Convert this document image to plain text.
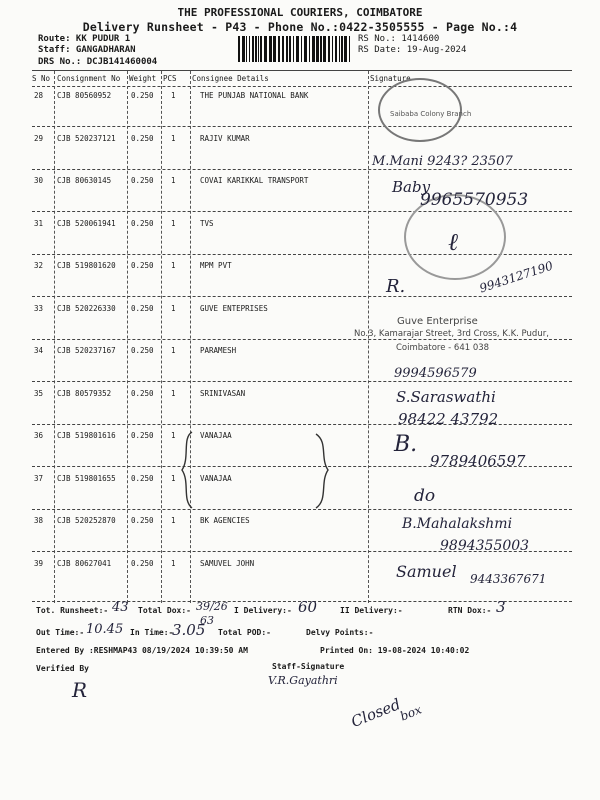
THE PROFESSIONAL COURIERS, COIMBATORE
Delivery Runsheet - P43 - Phone No.:0422-3505555 - Page No.:4
Route: KK PUDUR 1
Staff: GANGADHARAN
DRS No.: DCJB141460004
RS No.: 1414600
RS Date: 19-Aug-2024
S No Consignment No Weight PCS Consignee Details	Signature
28 CJB 80560952	0.250 1	THE PUNJAB NATIONAL BANK
29 CJB 520237121 0.250 1	RAJIV KUMAR
30 CJB 80630145	0.250 1	COVAI KARIKKAL TRANSPORT
31 CJB 520061941 0.250 1	TVS
32 CJB 519801620 0.250 1	MPM PVT
33 CJB 520226330 0.250 1	GUVE ENTEPRISES
34 CJB 520237167 0.250 1	PARAMESH
35 CJB 80579352	0.250 1	SRINIVASAN
36 CJB 519801616 0.250 1	VANAJAA
37 CJB 519801655 0.250 1	VANAJAA
38 CJB 520252870 0.250 1	BK AGENCIES
39 CJB 80627041	0.250 1	SAMUVEL JOHN
Saibaba Colony Branch
Guve Enterprise
No.3, Kamarajar Street, 3rd Cross, K.K. Pudur,
Coimbatore - 641 038
M.Mani 9243? 23507
Baby
9965570953
ℓ
R.	9943127190
9994596579
S.Saraswathi
98422 43792
B.
9789406597
do
B.Mahalakshmi
9894355003
Samuel 9443367671
Tot. Runsheet:- 43 Total Dox:- 39/26
63
I Delivery:- 60	II Delivery:-	RTN Dox:- 3
Out Time:- 10.45 In Time:-
3.05 Total POD:-	Delvy Points:-
Entered By :RESHMAP43 08/19/2024 10:39:50 AM	Printed On: 19-08-2024 10:40:02
Verified By	Staff-Signature
R	V.R.Gayathri
Closed
box
